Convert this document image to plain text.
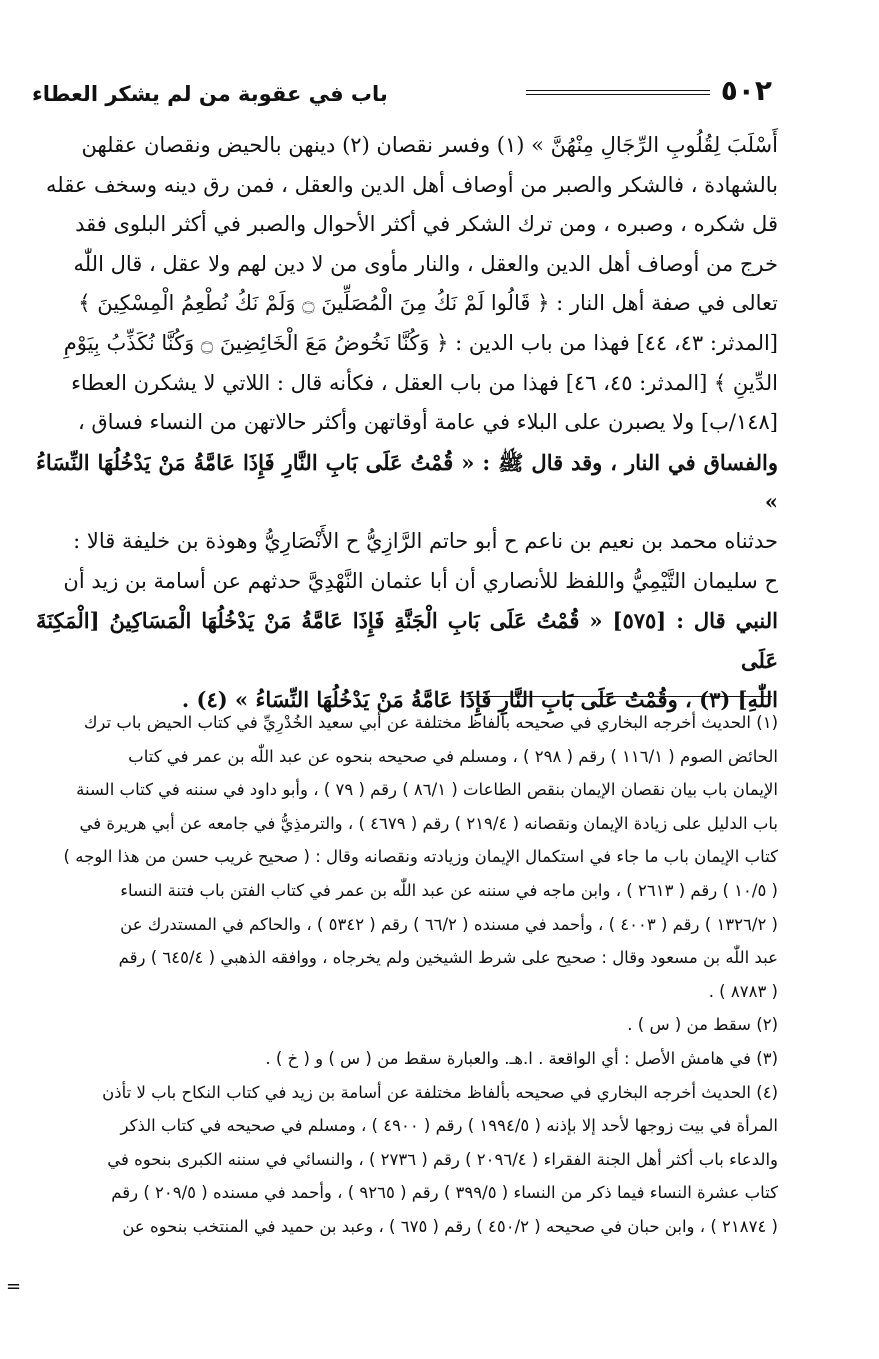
٥٠٢
باب في عقوبة من لم يشكر العطاء

أَسْلَبَ لِقُلُوبِ الرِّجَالِ مِنْهُنَّ » (١) وفسر نقصان (٢) دينهن بالحيض ونقصان عقلهن

بالشهادة ، فالشكر والصبر من أوصاف أهل الدين والعقل ، فمن رق دينه وسخف عقله

قل شكره ، وصبره ، ومن ترك الشكر في أكثر الأحوال والصبر في أكثر البلوى فقد

خرج من أوصاف أهل الدين والعقل ، والنار مأوى من لا دين لهم ولا عقل ، قال اللّٰه

تعالى في صفة أهل النار : ﴿ قَالُوا لَمْ نَكُ مِنَ الْمُصَلِّينَ ۝ وَلَمْ نَكُ نُطْعِمُ الْمِسْكِينَ ﴾

[المدثر: ٤٣، ٤٤] فهذا من باب الدين : ﴿ وَكُنَّا نَخُوضُ مَعَ الْخَائِضِينَ ۝ وَكُنَّا نُكَذِّبُ بِيَوْمِ

الدِّينِ ﴾ [المدثر: ٤٥، ٤٦] فهذا من باب العقل ، فكأنه قال : اللاتي لا يشكرن العطاء

[١٤٨/ب] ولا يصبرن على البلاء في عامة أوقاتهن وأكثر حالاتهن من النساء فساق ،

والفساق في النار ، وقد قال ﷺ : « قُمْتُ عَلَى بَابِ النَّارِ فَإِذَا عَامَّةُ مَنْ يَدْخُلُهَا النِّسَاءُ »

حدثناه محمد بن نعيم بن ناعم ح أبو حاتم الرَّازِيُّ ح الأَنْصَارِيُّ وهوذة بن خليفة قالا :

ح سليمان التَّيْمِيُّ واللفظ للأنصاري أن أبا عثمان النَّهْدِيَّ حدثهم عن أسامة بن زيد أن

النبي قال : [٥٧٥] « قُمْتُ عَلَى بَابِ الْجَنَّةِ فَإِذَا عَامَّةُ مَنْ يَدْخُلُهَا الْمَسَاكِينُ [الْمَكِنَةَ عَلَى

اللّٰهِ] (٣) ، وقُمْتُ عَلَى بَابِ النَّارِ فَإِذَا عَامَّةُ مَنْ يَدْخُلُهَا النِّسَاءُ » (٤) .

(١) الحديث أخرجه البخاري في صحيحه بألفاظ مختلفة عن أبي سعيد الخُدْرِيِّ في كتاب الحيض باب ترك

الحائض الصوم ( ١١٦/١ ) رقم ( ٢٩٨ ) ، ومسلم في صحيحه بنحوه عن عبد اللّٰه بن عمر في كتاب

الإيمان باب بيان نقصان الإيمان بنقص الطاعات ( ٨٦/١ ) رقم ( ٧٩ ) ، وأبو داود في سننه في كتاب السنة

باب الدليل على زيادة الإيمان ونقصانه ( ٢١٩/٤ ) رقم ( ٤٦٧٩ ) ، والترمذِيُّ في جامعه عن أبي هريرة في

كتاب الإيمان باب ما جاء في استكمال الإيمان وزيادته ونقصانه وقال : ( صحيح غريب حسن من هذا الوجه )

( ١٠/٥ ) رقم ( ٢٦١٣ ) ، وابن ماجه في سننه عن عبد اللّٰه بن عمر في كتاب الفتن باب فتنة النساء

( ١٣٢٦/٢ ) رقم ( ٤٠٠٣ ) ، وأحمد في مسنده ( ٦٦/٢ ) رقم ( ٥٣٤٢ ) ، والحاكم في المستدرك عن

عبد اللّٰه بن مسعود وقال : صحيح على شرط الشيخين ولم يخرجاه ، ووافقه الذهبي ( ٦٤٥/٤ ) رقم

( ٨٧٨٣ ) .

(٢) سقط من ( س ) .

(٣) في هامش الأصل : أي الواقعة . ا.هـ. والعبارة سقط من ( س ) و ( خ ) .

(٤) الحديث أخرجه البخاري في صحيحه بألفاظ مختلفة عن أسامة بن زيد في كتاب النكاح باب لا تأذن

المرأة في بيت زوجها لأحد إلا بإذنه ( ١٩٩٤/٥ ) رقم ( ٤٩٠٠ ) ، ومسلم في صحيحه في كتاب الذكر

والدعاء باب أكثر أهل الجنة الفقراء ( ٢٠٩٦/٤ ) رقم ( ٢٧٣٦ ) ، والنسائي في سننه الكبرى بنحوه في

كتاب عشرة النساء فيما ذكر من النساء ( ٣٩٩/٥ ) رقم ( ٩٢٦٥ ) ، وأحمد في مسنده ( ٢٠٩/٥ ) رقم

( ٢١٨٧٤ ) ، وابن حبان في صحيحه ( ٤٥٠/٢ ) رقم ( ٦٧٥ ) ، وعبد بن حميد في المنتخب بنحوه عن

=
